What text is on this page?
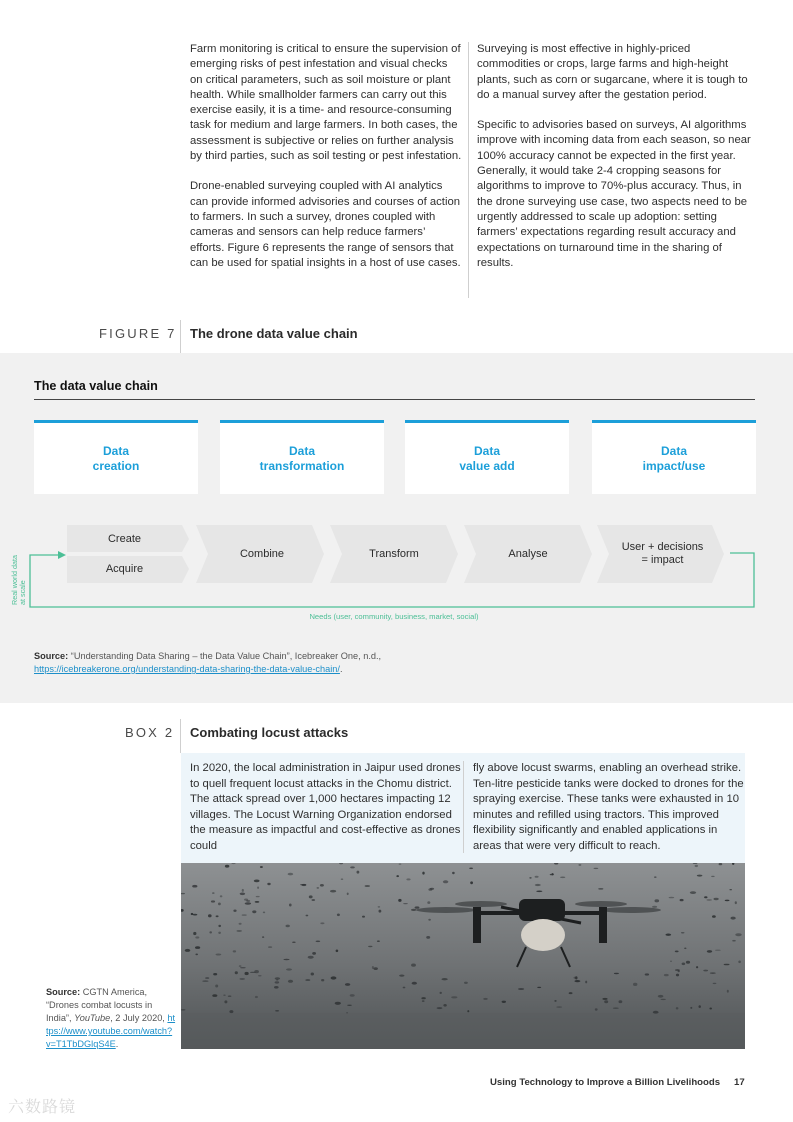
Farm monitoring is critical to ensure the supervision of emerging risks of pest infestation and visual checks on critical parameters, such as soil moisture or plant health. While smallholder farmers can carry out this exercise easily, it is a time- and resource-consuming task for medium and large farmers. In both cases, the assessment is subjective or relies on further analysis by third parties, such as soil testing or pest infestation.

Drone-enabled surveying coupled with AI analytics can provide informed advisories and courses of action to farmers. In such a survey, drones coupled with cameras and sensors can help reduce farmers’ efforts. Figure 6 represents the range of sensors that can be used for spatial insights in a host of use cases.

Surveying is most effective in highly-priced commodities or crops, large farms and high-height plants, such as corn or sugarcane, where it is tough to do a manual survey after the gestation period.

Specific to advisories based on surveys, AI algorithms improve with incoming data from each season, so near 100% accuracy cannot be expected in the first year. Generally, it would take 2-4 cropping seasons for algorithms to improve to 70%-plus accuracy. Thus, in the drone surveying use case, two aspects need to be urgently addressed to scale up adoption: setting farmers’ expectations regarding result accuracy and expectations on turnaround time in the sharing of results.

FIGURE 7 The drone data value chain
The data value chain
Data
creation
Data
transformation
Data
value add
Data
impact/use
Create
Acquire
Combine	Transform	Analyse
User + decisions
= impact
Real world data at scale
Needs (user, community, business, market, social)
Source: “Understanding Data Sharing – the Data Value Chain”, Icebreaker One, n.d., https://icebreakerone.org/understanding-data-sharing-the-data-value-chain/.
BOX 2 Combating locust attacks

In 2020, the local administration in Jaipur used drones to quell frequent locust attacks in the Chomu district. The attack spread over 1,000 hectares impacting 12 villages. The Locust Warning Organization endorsed the measure as impactful and cost-effective as drones could

fly above locust swarms, enabling an overhead strike. Ten-litre pesticide tanks were docked to drones for the spraying exercise. These tanks were exhausted in 10 minutes and refilled using tractors. This improved flexibility significantly and enabled applications in areas that were very difficult to reach.

Source: CGTN America, “Drones combat locusts in India”, YouTube, 2 July 2020, https://www.youtube.com/watch?v=T1TbDGlqS4E.
Using Technology to Improve a Billion Livelihoods 17
六数路镜
